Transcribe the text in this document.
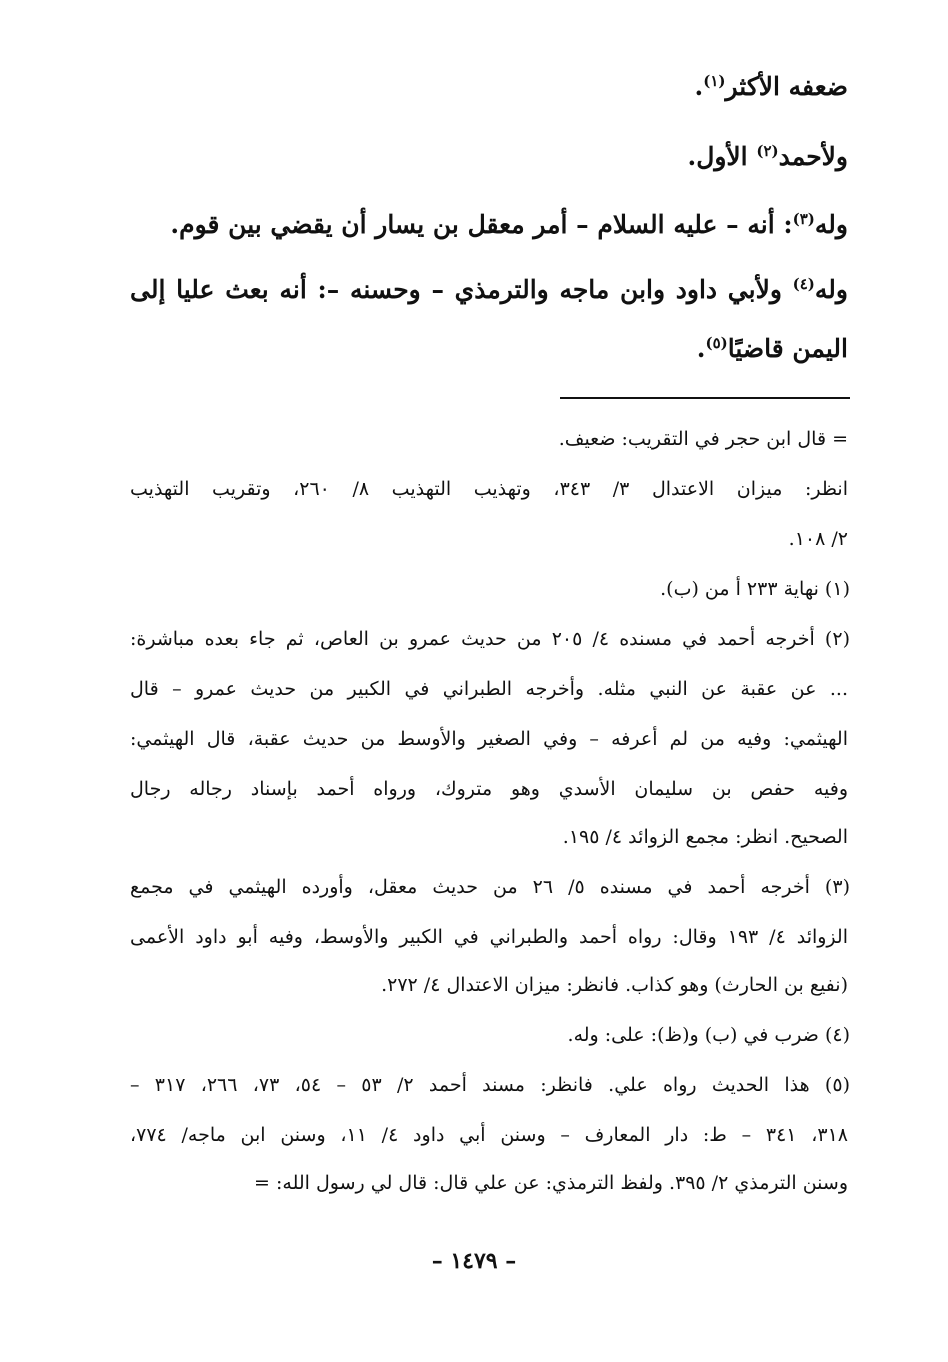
ضعفه الأكثر$^{(١)}$.
ولأحمد$^{(٢)}$ الأول.
وله$^{(٣)}$: أنه – عليه السلام – أمر معقل بن يسار أن يقضي بين قوم.
وله$^{(٤)}$ ولأبي داود وابن ماجه والترمذي – وحسنه –: أنه بعث عليا إلى
اليمن قاضيًا$^{(٥)}$.
= قال ابن حجر في التقريب: ضعيف.
انظر: ميزان الاعتدال ٣/ ٣٤٣، وتهذيب التهذيب ٨/ ٢٦٠، وتقريب التهذيب
٢/ ١٠٨.
(١) نهاية ٢٣٣ أ من (ب).
(٢) أخرجه أحمد في مسنده ٤/ ٢٠٥ من حديث عمرو بن العاص، ثم جاء بعده مباشرة:
... عن عقبة عن النبي مثله. وأخرجه الطبراني في الكبير من حديث عمرو – قال
الهيثمي: وفيه من لم أعرفه – وفي الصغير والأوسط من حديث عقبة، قال الهيثمي:
وفيه حفص بن سليمان الأسدي وهو متروك، ورواه أحمد بإسناد رجاله رجال
الصحيح. انظر: مجمع الزوائد ٤/ ١٩٥.
(٣) أخرجه أحمد في مسنده ٥/ ٢٦ من حديث معقل، وأورده الهيثمي في مجمع
الزوائد ٤/ ١٩٣ وقال: رواه أحمد والطبراني في الكبير والأوسط، وفيه أبو داود الأعمى
(نفيع بن الحارث) وهو كذاب. فانظر: ميزان الاعتدال ٤/ ٢٧٢.
(٤) ضرب في (ب) و(ظ): على: وله.
(٥) هذا الحديث رواه علي. فانظر: مسند أحمد ٢/ ٥٣ – ٥٤، ٧٣، ٢٦٦، ٣١٧ –
٣١٨، ٣٤١ – ط: دار المعارف – وسنن أبي داود ٤/ ١١، وسنن ابن ماجه/ ٧٧٤،
وسنن الترمذي ٢/ ٣٩٥. ولفظ الترمذي: عن علي قال: قال لي رسول الله: =
– ١٤٧٩ –
